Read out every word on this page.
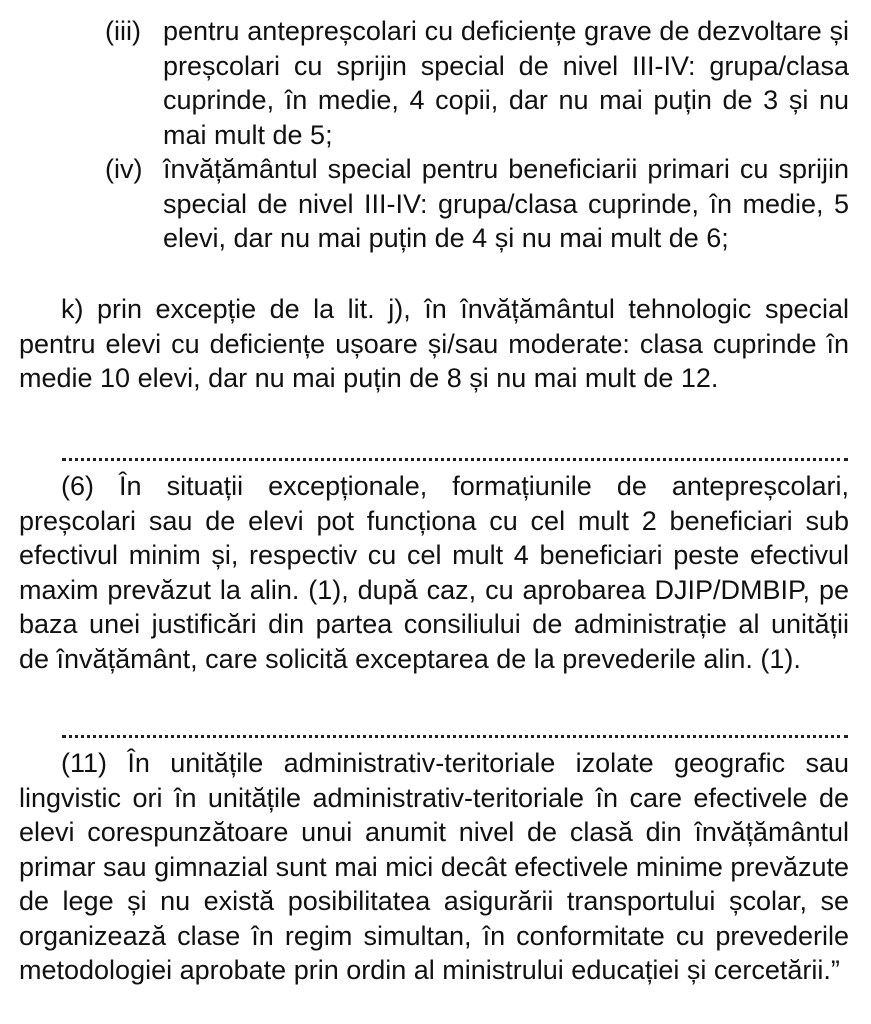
(iii) pentru antepreșcolari cu deficiențe grave de dezvoltare și preșcolari cu sprijin special de nivel III-IV: grupa/clasa cuprinde, în medie, 4 copii, dar nu mai puțin de 3 și nu mai mult de 5;

(iv) învățământul special pentru beneficiarii primari cu sprijin special de nivel III-IV: grupa/clasa cuprinde, în medie, 5 elevi, dar nu mai puțin de 4 și nu mai mult de 6;

k) prin excepție de la lit. j), în învățământul tehnologic special pentru elevi cu deficiențe ușoare și/sau moderate: clasa cuprinde în medie 10 elevi, dar nu mai puțin de 8 și nu mai mult de 12.

(6) În situații excepționale, formațiunile de antepreșcolari, preșcolari sau de elevi pot funcționa cu cel mult 2 beneficiari sub efectivul minim și, respectiv cu cel mult 4 beneficiari peste efectivul maxim prevăzut la alin. (1), după caz, cu aprobarea DJIP/DMBIP, pe baza unei justificări din partea consiliului de administrație al unității de învățământ, care solicită exceptarea de la prevederile alin. (1).

(11) În unitățile administrativ-teritoriale izolate geografic sau lingvistic ori în unitățile administrativ-teritoriale în care efectivele de elevi corespunzătoare unui anumit nivel de clasă din învățământul primar sau gimnazial sunt mai mici decât efectivele minime prevăzute de lege și nu există posibilitatea asigurării transportului școlar, se organizează clase în regim simultan, în conformitate cu prevederile metodologiei aprobate prin ordin al ministrului educației și cercetării.”
